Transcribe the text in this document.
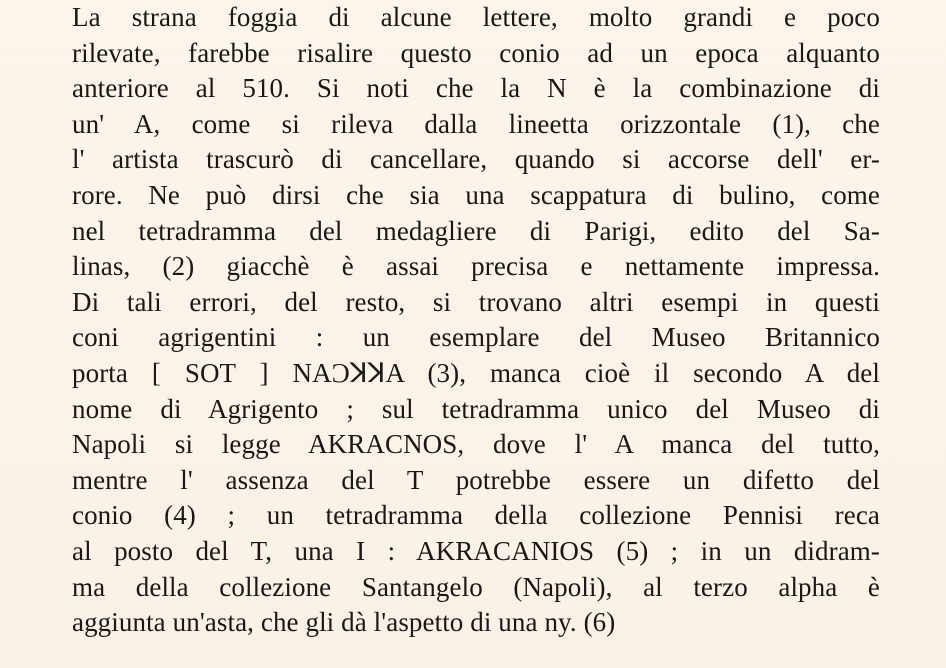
La strana foggia di alcune lettere, molto grandi e poco
rilevate, farebbe risalire questo conio ad un epoca alquanto
anteriore al 510. Si noti che la N è la combinazione di
un' A, come si rileva dalla lineetta orizzontale (1), che
l' artista trascurò di cancellare, quando si accorse dell' er-
rore. Ne può dirsi che sia una scappatura di bulino, come
nel tetradramma del medagliere di Parigi, edito del Sa-
linas, (2) giacchè è assai precisa e nettamente impressa.
Di tali errori, del resto, si trovano altri esempi in questi
coni agrigentini : un esemplare del Museo Britannico
porta [ SOT ] NAϽꓘꓘA (3), manca cioè il secondo A del
nome di Agrigento ; sul tetradramma unico del Museo di
Napoli si legge AKRACNOS, dove l' A manca del tutto,
mentre l' assenza del T potrebbe essere un difetto del
conio (4) ; un tetradramma della collezione Pennisi reca
al posto del T, una I : AKRACANIOS (5) ; in un didram-
ma della collezione Santangelo (Napoli), al terzo alpha è
aggiunta un'asta, che gli dà l'aspetto di una ny. (6)
